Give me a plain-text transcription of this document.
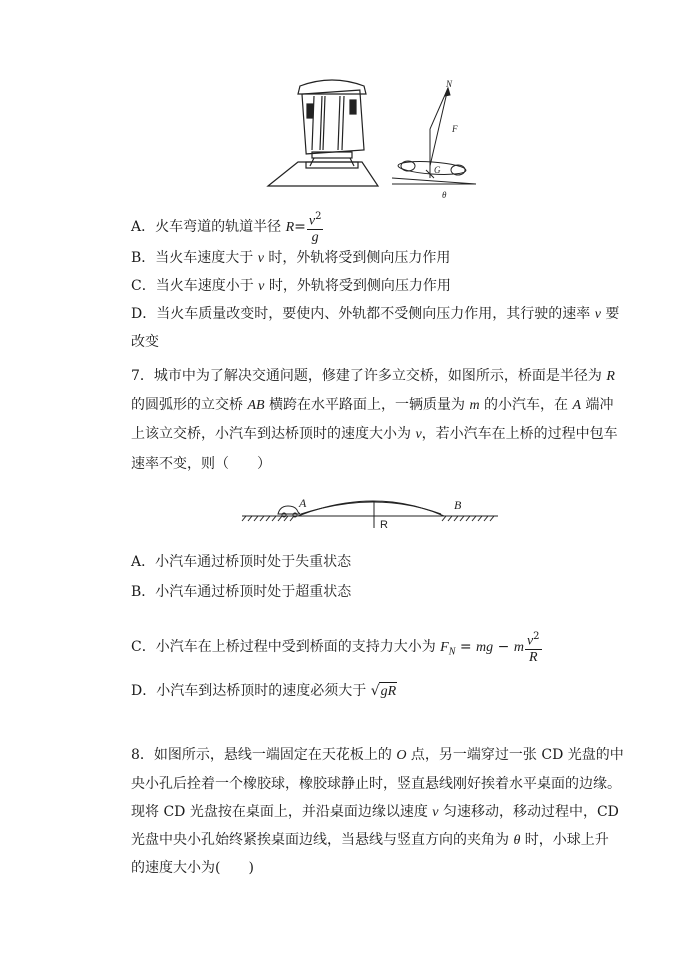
N
F
G
θ
A．火车弯道的轨道半径 $R= \frac{v^2}{g}$
B．当火车速度大于 v 时，外轨将受到侧向压力作用
C．当火车速度小于 v 时，外轨将受到侧向压力作用
D．当火车质量改变时，要使内、外轨都不受侧向压力作用，其行驶的速率 v 要
改变
7．城市中为了解决交通问题，修建了许多立交桥，如图所示，桥面是半径为 R
的圆弧形的立交桥 AB 横跨在水平路面上，一辆质量为 m 的小汽车，在 A 端冲
上该立交桥，小汽车到达桥顶时的速度大小为 v，若小汽车在上桥的过程中包车
速率不变，则（　　）
A	B
R
A．小汽车通过桥顶时处于失重状态
B．小汽车通过桥顶时处于超重状态
C．小汽车在上桥过程中受到桥面的支持力大小为 $F_N$ = mg − m $\frac{v^2}{R}$
D．小汽车到达桥顶时的速度必须大于 √gR
8．如图所示，悬线一端固定在天花板上的 O 点，另一端穿过一张 CD 光盘的中
央小孔后拴着一个橡胶球，橡胶球静止时，竖直悬线刚好挨着水平桌面的边缘。
现将 CD 光盘按在桌面上，并沿桌面边缘以速度 v 匀速移动，移动过程中，CD
光盘中央小孔始终紧挨桌面边线，当悬线与竖直方向的夹角为 θ 时，小球上升
的速度大小为(　　)
